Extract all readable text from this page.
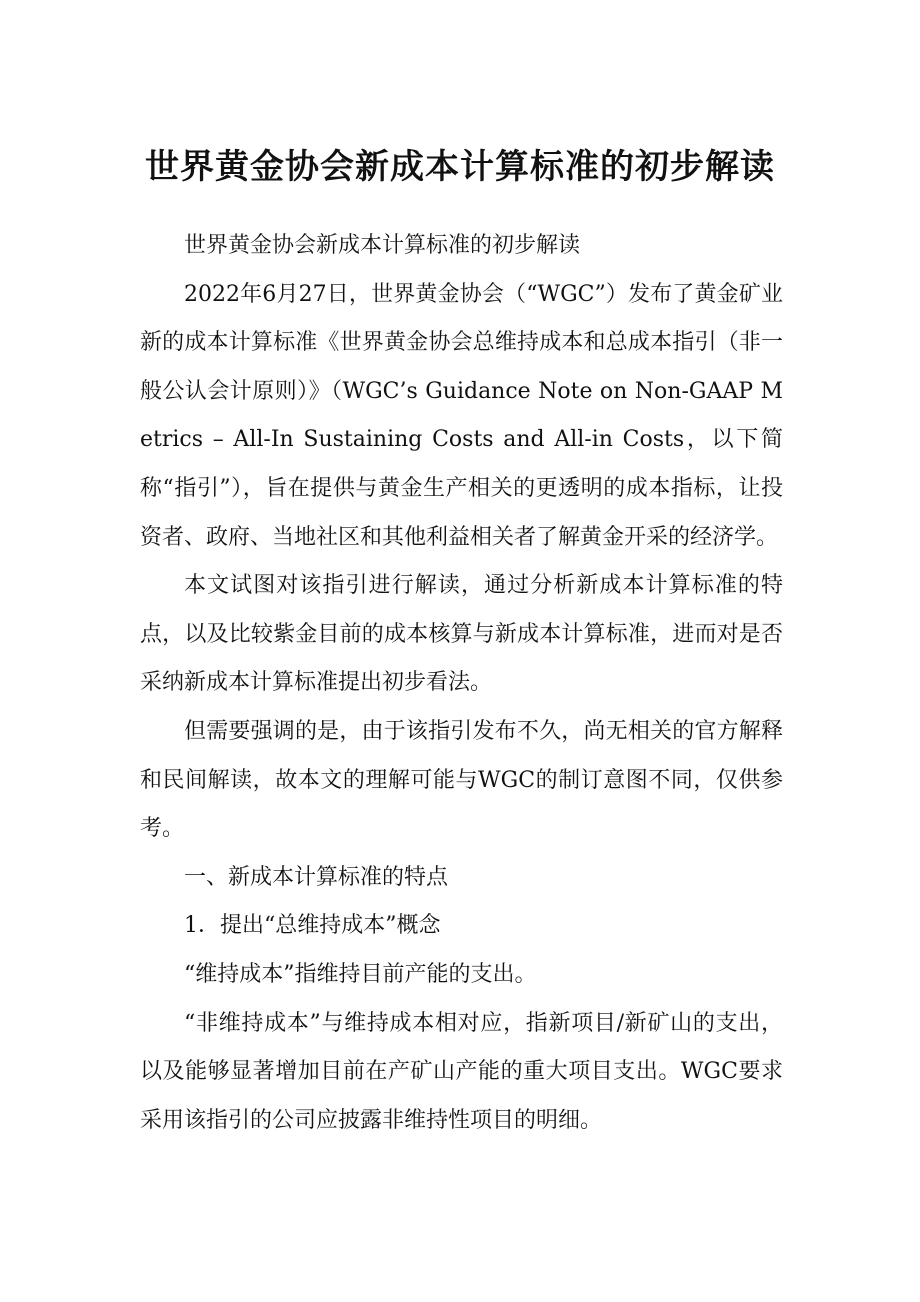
世界黄金协会新成本计算标准的初步解读

世界黄金协会新成本计算标准的初步解读

2022年6月27日，世界黄金协会（“WGC”）发布了黄金矿业新的成本计算标准《世界黄金协会总维持成本和总成本指引（非一般公认会计原则）》（WGC’s Guidance Note on Non-GAAP Metrics – All-In Sustaining Costs and All-in Costs，以下简称“指引”），旨在提供与黄金生产相关的更透明的成本指标，让投资者、政府、当地社区和其他利益相关者了解黄金开采的经济学。

本文试图对该指引进行解读，通过分析新成本计算标准的特点，以及比较紫金目前的成本核算与新成本计算标准，进而对是否采纳新成本计算标准提出初步看法。

但需要强调的是，由于该指引发布不久，尚无相关的官方解释和民间解读，故本文的理解可能与WGC的制订意图不同，仅供参考。

一、新成本计算标准的特点

1．提出“总维持成本”概念

“维持成本”指维持目前产能的支出。

“非维持成本”与维持成本相对应，指新项目/新矿山的支出，以及能够显著增加目前在产矿山产能的重大项目支出。WGC要求采用该指引的公司应披露非维持性项目的明细。
